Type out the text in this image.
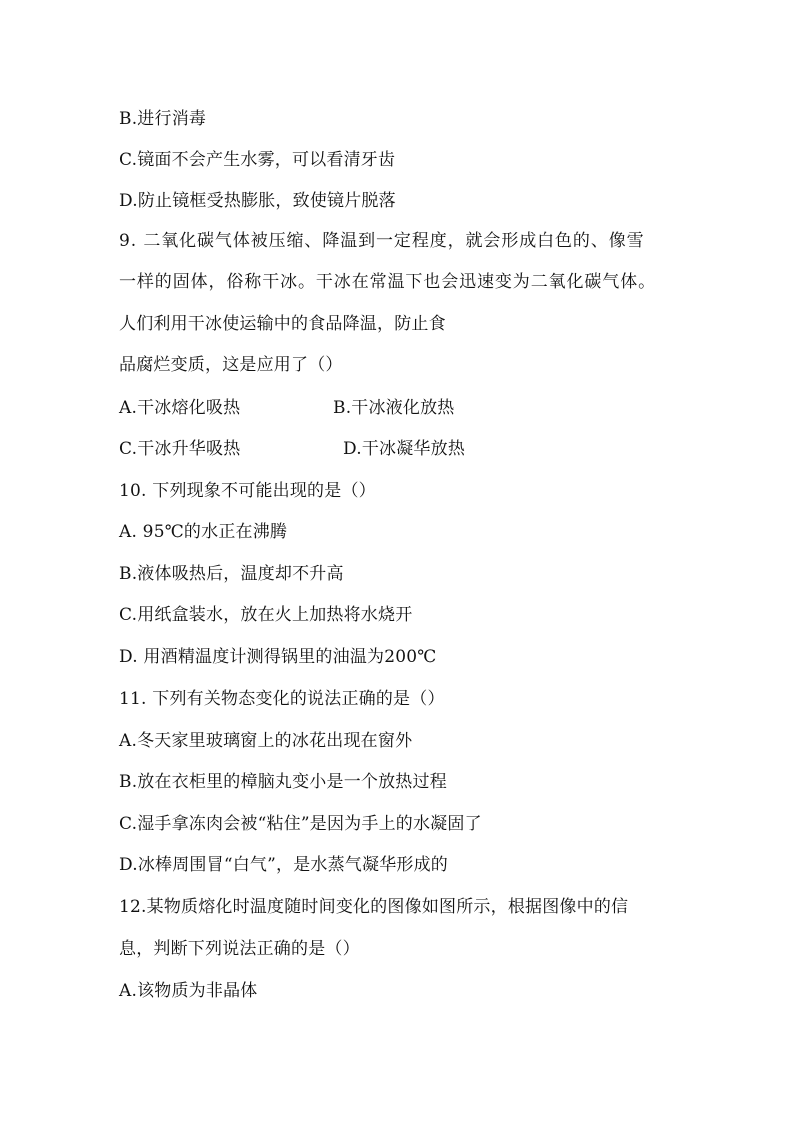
B.进行消毒
C.镜面不会产生水雾，可以看清牙齿
D.防止镜框受热膨胀，致使镜片脱落
9. 二氧化碳气体被压缩、降温到一定程度，就会形成白色的、像雪
一样的固体，俗称干冰。干冰在常温下也会迅速变为二氧化碳气体。
人们利用干冰使运输中的食品降温，防止食
品腐烂变质，这是应用了（）
A.干冰熔化吸热	B.干冰液化放热
C.干冰升华吸热	D.干冰凝华放热
10. 下列现象不可能出现的是（）
A. 95℃的水正在沸腾
B.液体吸热后，温度却不升高
C.用纸盒装水，放在火上加热将水烧开
D. 用酒精温度计测得锅里的油温为200℃
11. 下列有关物态变化的说法正确的是（）
A.冬天家里玻璃窗上的冰花出现在窗外
B.放在衣柜里的樟脑丸变小是一个放热过程
C.湿手拿冻肉会被“粘住”是因为手上的水凝固了
D.冰棒周围冒“白气”，是水蒸气凝华形成的
12.某物质熔化时温度随时间变化的图像如图所示，根据图像中的信
息，判断下列说法正确的是（）
A.该物质为非晶体
